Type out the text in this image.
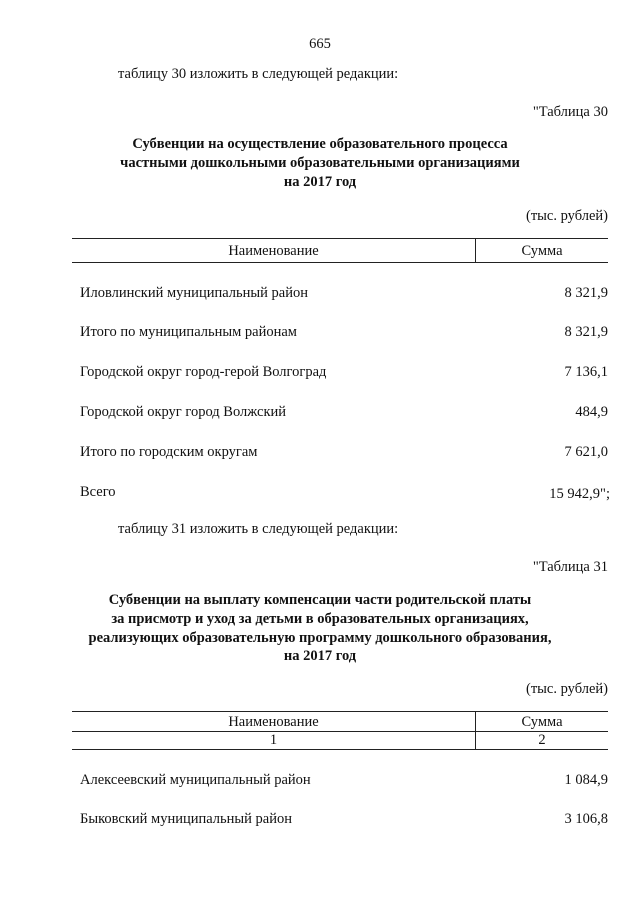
665
таблицу 30 изложить в следующей редакции:
"Таблица 30
Субвенции на осуществление образовательного процесса
частными дошкольными образовательными организациями
на 2017 год
(тыс. рублей)
Наименование	Сумма
Иловлинский муниципальный район	8 321,9
Итого по муниципальным районам	8 321,9
Городской округ город-герой Волгоград	7 136,1
Городской округ город Волжский	484,9
Итого по городским округам	7 621,0
Всего	15 942,9";
таблицу 31 изложить в следующей редакции:
"Таблица 31
Субвенции на выплату компенсации части родительской платы
за присмотр и уход за детьми в образовательных организациях,
реализующих образовательную программу дошкольного образования,
на 2017 год
(тыс. рублей)
Наименование	Сумма
1	2
Алексеевский муниципальный район	1 084,9
Быковский муниципальный район	3 106,8
